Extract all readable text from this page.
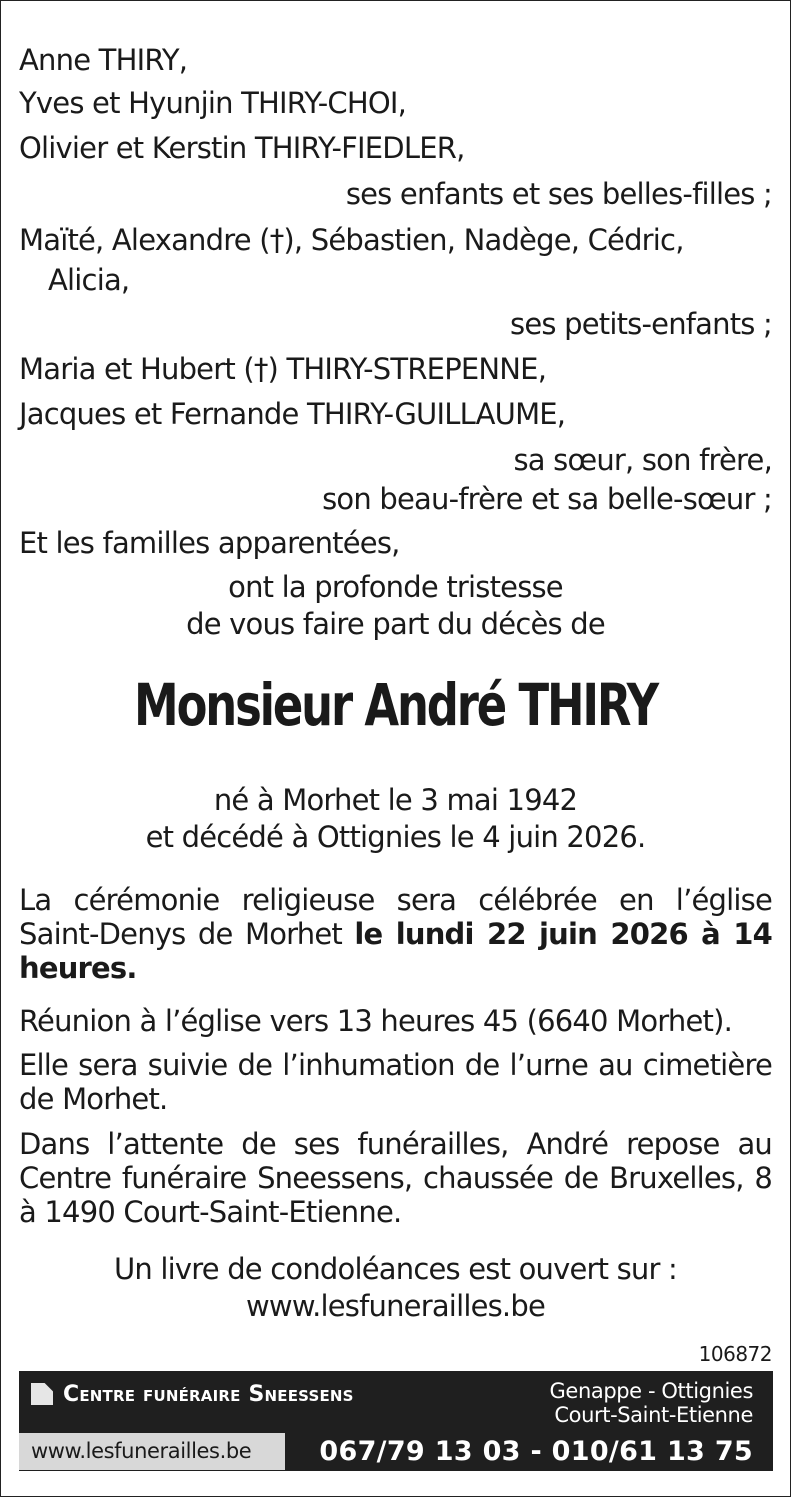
Anne THIRY,
Yves et Hyunjin THIRY-CHOI,
Olivier et Kerstin THIRY-FIEDLER,
ses enfants et ses belles-filles ;
Maïté, Alexandre (†), Sébastien, Nadège, Cédric,
Alicia,
ses petits-enfants ;
Maria et Hubert (†) THIRY-STREPENNE,
Jacques et Fernande THIRY-GUILLAUME,
sa sœur, son frère,
son beau-frère et sa belle-sœur ;
Et les familles apparentées,
ont la profonde tristesse
de vous faire part du décès de
Monsieur André THIRY
né à Morhet le 3 mai 1942
et décédé à Ottignies le 4 juin 2026.
La cérémonie religieuse sera célébrée en l’église Saint-Denys de Morhet le lundi 22 juin 2026 à 14 heures.
Réunion à l’église vers 13 heures 45 (6640 Morhet).
Elle sera suivie de l’inhumation de l’urne au cimetière de Morhet.
Dans l’attente de ses funérailles, André repose au Centre funéraire Sneessens, chaussée de Bruxelles, 8 à 1490 Court-Saint-Etienne.
Un livre de condoléances est ouvert sur :
www.lesfunerailles.be
106872
Centre funéraire Sneessens	Genappe - Ottignies
Court-Saint-Etienne
www.lesfunerailles.be	067/79 13 03 - 010/61 13 75
